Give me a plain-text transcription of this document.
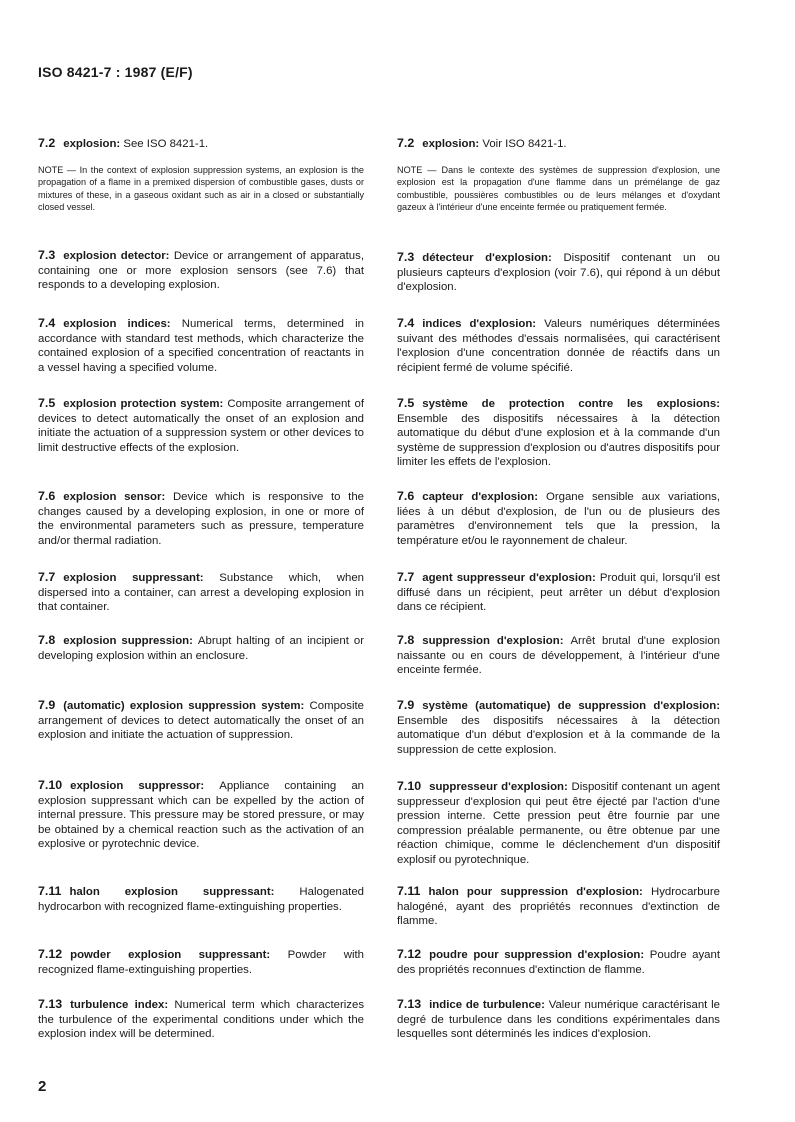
ISO 8421-7 : 1987 (E/F)
7.2 explosion: See ISO 8421-1.
NOTE — In the context of explosion suppression systems, an explosion is the propagation of a flame in a premixed dispersion of combustible gases, dusts or mixtures of these, in a gaseous oxidant such as air in a closed or substantially closed vessel.
7.3 explosion detector: Device or arrangement of apparatus, containing one or more explosion sensors (see 7.6) that responds to a developing explosion.
7.4 explosion indices: Numerical terms, determined in accordance with standard test methods, which characterize the contained explosion of a specified concentration of reactants in a vessel having a specified volume.
7.5 explosion protection system: Composite arrangement of devices to detect automatically the onset of an explosion and initiate the actuation of a suppression system or other devices to limit destructive effects of the explosion.
7.6 explosion sensor: Device which is responsive to the changes caused by a developing explosion, in one or more of the environmental parameters such as pressure, temperature and/or thermal radiation.
7.7 explosion suppressant: Substance which, when dispersed into a container, can arrest a developing explosion in that container.
7.8 explosion suppression: Abrupt halting of an incipient or developing explosion within an enclosure.
7.9 (automatic) explosion suppression system: Composite arrangement of devices to detect automatically the onset of an explosion and initiate the actuation of suppression.
7.10 explosion suppressor: Appliance containing an explosion suppressant which can be expelled by the action of internal pressure. This pressure may be stored pressure, or may be obtained by a chemical reaction such as the activation of an explosive or pyrotechnic device.
7.11 halon explosion suppressant: Halogenated hydrocarbon with recognized flame-extinguishing properties.
7.12 powder explosion suppressant: Powder with recognized flame-extinguishing properties.
7.13 turbulence index: Numerical term which characterizes the turbulence of the experimental conditions under which the explosion index will be determined.
7.2 explosion: Voir ISO 8421-1.
NOTE — Dans le contexte des systèmes de suppression d'explosion, une explosion est la propagation d'une flamme dans un prémélange de gaz combustible, poussières combustibles ou de leurs mélanges et d'oxydant gazeux à l'intérieur d'une enceinte fermée ou pratiquement fermée.
7.3 détecteur d'explosion: Dispositif contenant un ou plusieurs capteurs d'explosion (voir 7.6), qui répond à un début d'explosion.
7.4 indices d'explosion: Valeurs numériques déterminées suivant des méthodes d'essais normalisées, qui caractérisent l'explosion d'une concentration donnée de réactifs dans un récipient fermé de volume spécifié.
7.5 système de protection contre les explosions:Ensemble des dispositifs nécessaires à la détection automatique du début d'une explosion et à la commande d'un système de suppression d'explosion ou d'autres dispositifs pour limiter les effets de l'explosion.
7.6 capteur d'explosion: Organe sensible aux variations, liées à un début d'explosion, de l'un ou de plusieurs des paramètres d'environnement tels que la pression, la température et/ou le rayonnement de chaleur.
7.7 agent suppresseur d'explosion: Produit qui, lorsqu'il est diffusé dans un récipient, peut arrêter un début d'explosion dans ce récipient.
7.8 suppression d'explosion: Arrêt brutal d'une explosion naissante ou en cours de développement, à l'intérieur d'une enceinte fermée.
7.9 système (automatique) de suppression d'explosion:Ensemble des dispositifs nécessaires à la détection automatique d'un début d'explosion et à la commande de la suppression de cette explosion.
7.10 suppresseur d'explosion: Dispositif contenant un agent suppresseur d'explosion qui peut être éjecté par l'action d'une pression interne. Cette pression peut être fournie par une compression préalable permanente, ou être obtenue par une réaction chimique, comme le déclenchement d'un dispositif explosif ou pyrotechnique.
7.11 halon pour suppression d'explosion: Hydrocarbure halogéné, ayant des propriétés reconnues d'extinction de flamme.
7.12 poudre pour suppression d'explosion: Poudre ayant des propriétés reconnues d'extinction de flamme.
7.13 indice de turbulence: Valeur numérique caractérisant le degré de turbulence dans les conditions expérimentales dans lesquelles sont déterminés les indices d'explosion.
2
